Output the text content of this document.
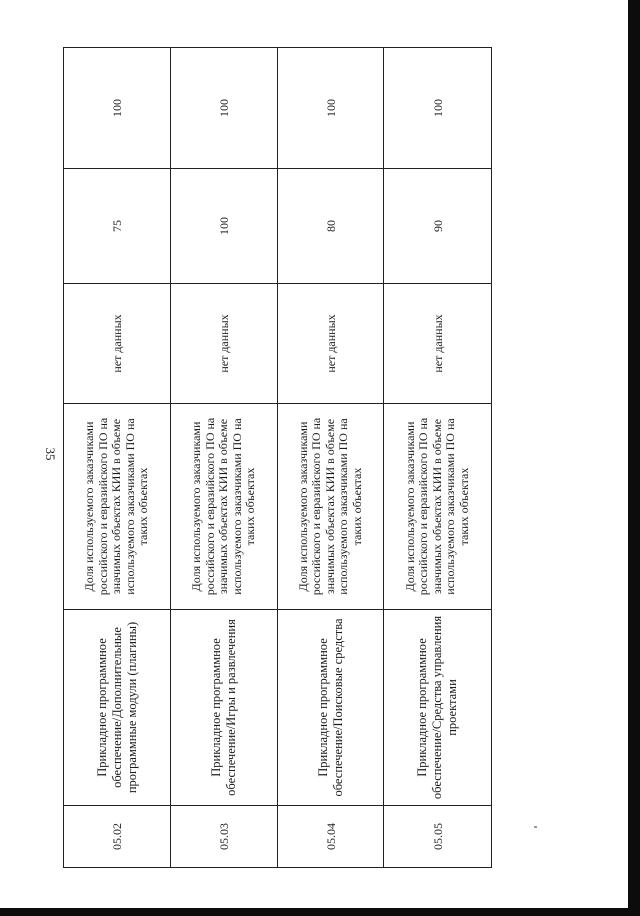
35
05.02	Прикладное программное обеспечение/Дополнительные программные модули (плагины)	Доля используемого заказчиками российского и евразийского ПО на значимых объектах КИИ в объеме используемого заказчиками ПО на таких объектах	нет данных	75	100
05.03	Прикладное программное обеспечение/Игры и развлечения	Доля используемого заказчиками российского и евразийского ПО на значимых объектах КИИ в объеме используемого заказчиками ПО на таких объектах	нет данных	100	100
05.04	Прикладное программное обеспечение/Поисковые средства	Доля используемого заказчиками российского и евразийского ПО на значимых объектах КИИ в объеме используемого заказчиками ПО на таких объектах	нет данных	80	100
05.05	Прикладное программное обеспечение/Средства управления проектами	Доля используемого заказчиками российского и евразийского ПО на значимых объектах КИИ в объеме используемого заказчиками ПО на таких объектах	нет данных	90	100
